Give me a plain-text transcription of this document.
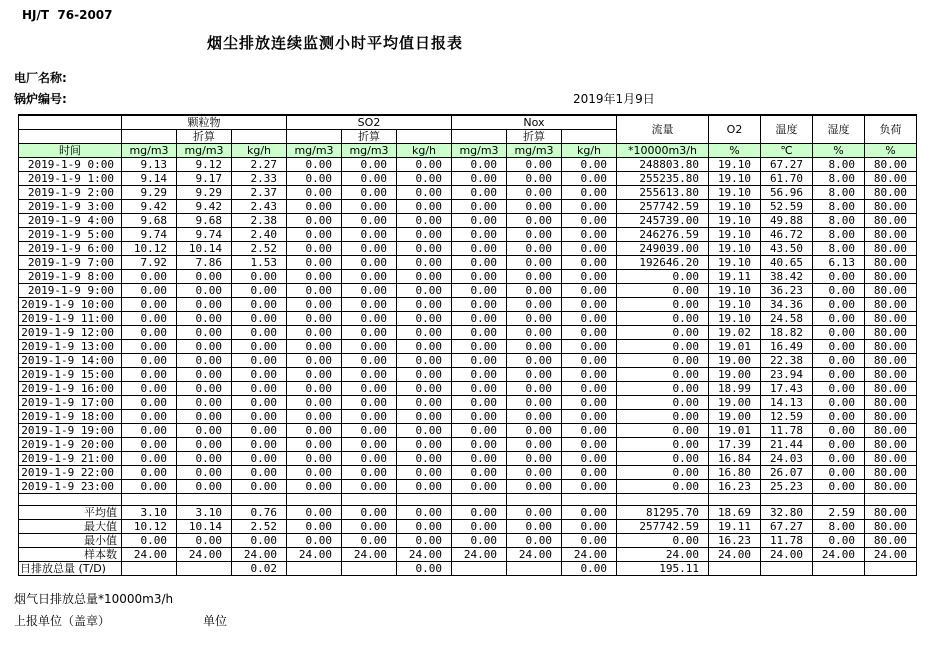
HJ/T  76-2007
烟尘排放连续监测小时平均值日报表
电厂名称:
锅炉编号:	2019年1月9日
	颗粒物			SO2			Nox			流量	O2	温度	湿度	负荷
		折算			折算			折算						
时间	mg/m3	mg/m3	kg/h	mg/m3	mg/m3	kg/h	mg/m3	mg/m3	kg/h	*10000m3/h	%	℃	%	%
2019-1-9 0:00	9.13	9.12	2.27	0.00	0.00	0.00	0.00	0.00	0.00	248803.80	19.10	67.27	8.00	80.00
2019-1-9 1:00	9.14	9.17	2.33	0.00	0.00	0.00	0.00	0.00	0.00	255235.80	19.10	61.70	8.00	80.00
2019-1-9 2:00	9.29	9.29	2.37	0.00	0.00	0.00	0.00	0.00	0.00	255613.80	19.10	56.96	8.00	80.00
2019-1-9 3:00	9.42	9.42	2.43	0.00	0.00	0.00	0.00	0.00	0.00	257742.59	19.10	52.59	8.00	80.00
2019-1-9 4:00	9.68	9.68	2.38	0.00	0.00	0.00	0.00	0.00	0.00	245739.00	19.10	49.88	8.00	80.00
2019-1-9 5:00	9.74	9.74	2.40	0.00	0.00	0.00	0.00	0.00	0.00	246276.59	19.10	46.72	8.00	80.00
2019-1-9 6:00	10.12	10.14	2.52	0.00	0.00	0.00	0.00	0.00	0.00	249039.00	19.10	43.50	8.00	80.00
2019-1-9 7:00	7.92	7.86	1.53	0.00	0.00	0.00	0.00	0.00	0.00	192646.20	19.10	40.65	6.13	80.00
2019-1-9 8:00	0.00	0.00	0.00	0.00	0.00	0.00	0.00	0.00	0.00	0.00	19.11	38.42	0.00	80.00
2019-1-9 9:00	0.00	0.00	0.00	0.00	0.00	0.00	0.00	0.00	0.00	0.00	19.10	36.23	0.00	80.00
2019-1-9 10:00	0.00	0.00	0.00	0.00	0.00	0.00	0.00	0.00	0.00	0.00	19.10	34.36	0.00	80.00
2019-1-9 11:00	0.00	0.00	0.00	0.00	0.00	0.00	0.00	0.00	0.00	0.00	19.10	24.58	0.00	80.00
2019-1-9 12:00	0.00	0.00	0.00	0.00	0.00	0.00	0.00	0.00	0.00	0.00	19.02	18.82	0.00	80.00
2019-1-9 13:00	0.00	0.00	0.00	0.00	0.00	0.00	0.00	0.00	0.00	0.00	19.01	16.49	0.00	80.00
2019-1-9 14:00	0.00	0.00	0.00	0.00	0.00	0.00	0.00	0.00	0.00	0.00	19.00	22.38	0.00	80.00
2019-1-9 15:00	0.00	0.00	0.00	0.00	0.00	0.00	0.00	0.00	0.00	0.00	19.00	23.94	0.00	80.00
2019-1-9 16:00	0.00	0.00	0.00	0.00	0.00	0.00	0.00	0.00	0.00	0.00	18.99	17.43	0.00	80.00
2019-1-9 17:00	0.00	0.00	0.00	0.00	0.00	0.00	0.00	0.00	0.00	0.00	19.00	14.13	0.00	80.00
2019-1-9 18:00	0.00	0.00	0.00	0.00	0.00	0.00	0.00	0.00	0.00	0.00	19.00	12.59	0.00	80.00
2019-1-9 19:00	0.00	0.00	0.00	0.00	0.00	0.00	0.00	0.00	0.00	0.00	19.01	11.78	0.00	80.00
2019-1-9 20:00	0.00	0.00	0.00	0.00	0.00	0.00	0.00	0.00	0.00	0.00	17.39	21.44	0.00	80.00
2019-1-9 21:00	0.00	0.00	0.00	0.00	0.00	0.00	0.00	0.00	0.00	0.00	16.84	24.03	0.00	80.00
2019-1-9 22:00	0.00	0.00	0.00	0.00	0.00	0.00	0.00	0.00	0.00	0.00	16.80	26.07	0.00	80.00
2019-1-9 23:00	0.00	0.00	0.00	0.00	0.00	0.00	0.00	0.00	0.00	0.00	16.23	25.23	0.00	80.00

平均值	3.10	3.10	0.76	0.00	0.00	0.00	0.00	0.00	0.00	81295.70	18.69	32.80	2.59	80.00
最大值	10.12	10.14	2.52	0.00	0.00	0.00	0.00	0.00	0.00	257742.59	19.11	67.27	8.00	80.00
最小值	0.00	0.00	0.00	0.00	0.00	0.00	0.00	0.00	0.00	0.00	16.23	11.78	0.00	80.00
样本数	24.00	24.00	24.00	24.00	24.00	24.00	24.00	24.00	24.00	24.00	24.00	24.00	24.00	24.00
日排放总量 (T/D)			0.02			0.00			0.00	195.11				
烟气日排放总量*10000m3/h
上报单位（盖章）	单位
